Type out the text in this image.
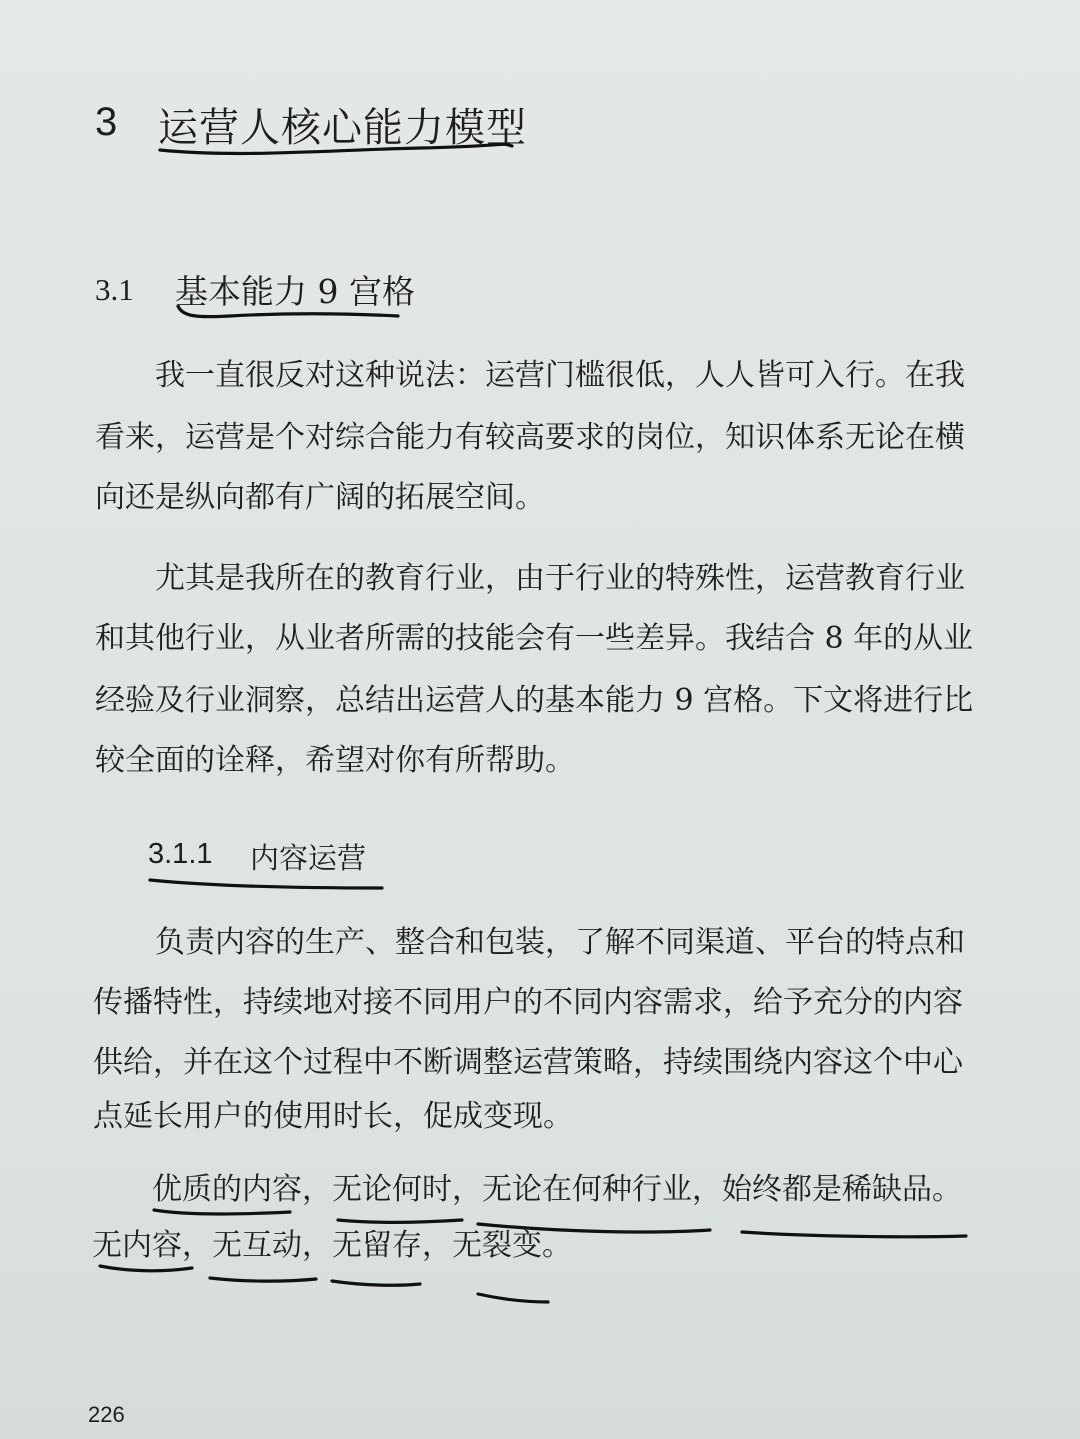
3 运营人核心能力模型
3.1 基本能力 9 宫格
我一直很反对这种说法：运营门槛很低，人人皆可入行。在我
看来，运营是个对综合能力有较高要求的岗位，知识体系无论在横
向还是纵向都有广阔的拓展空间。
尤其是我所在的教育行业，由于行业的特殊性，运营教育行业
和其他行业，从业者所需的技能会有一些差异。我结合 8 年的从业
经验及行业洞察，总结出运营人的基本能力 9 宫格。下文将进行比
较全面的诠释，希望对你有所帮助。
3.1.1 内容运营
负责内容的生产、整合和包装，了解不同渠道、平台的特点和
传播特性，持续地对接不同用户的不同内容需求，给予充分的内容
供给，并在这个过程中不断调整运营策略，持续围绕内容这个中心
点延长用户的使用时长，促成变现。
优质的内容，无论何时，无论在何种行业，始终都是稀缺品。
无内容，无互动，无留存，无裂变。
226
